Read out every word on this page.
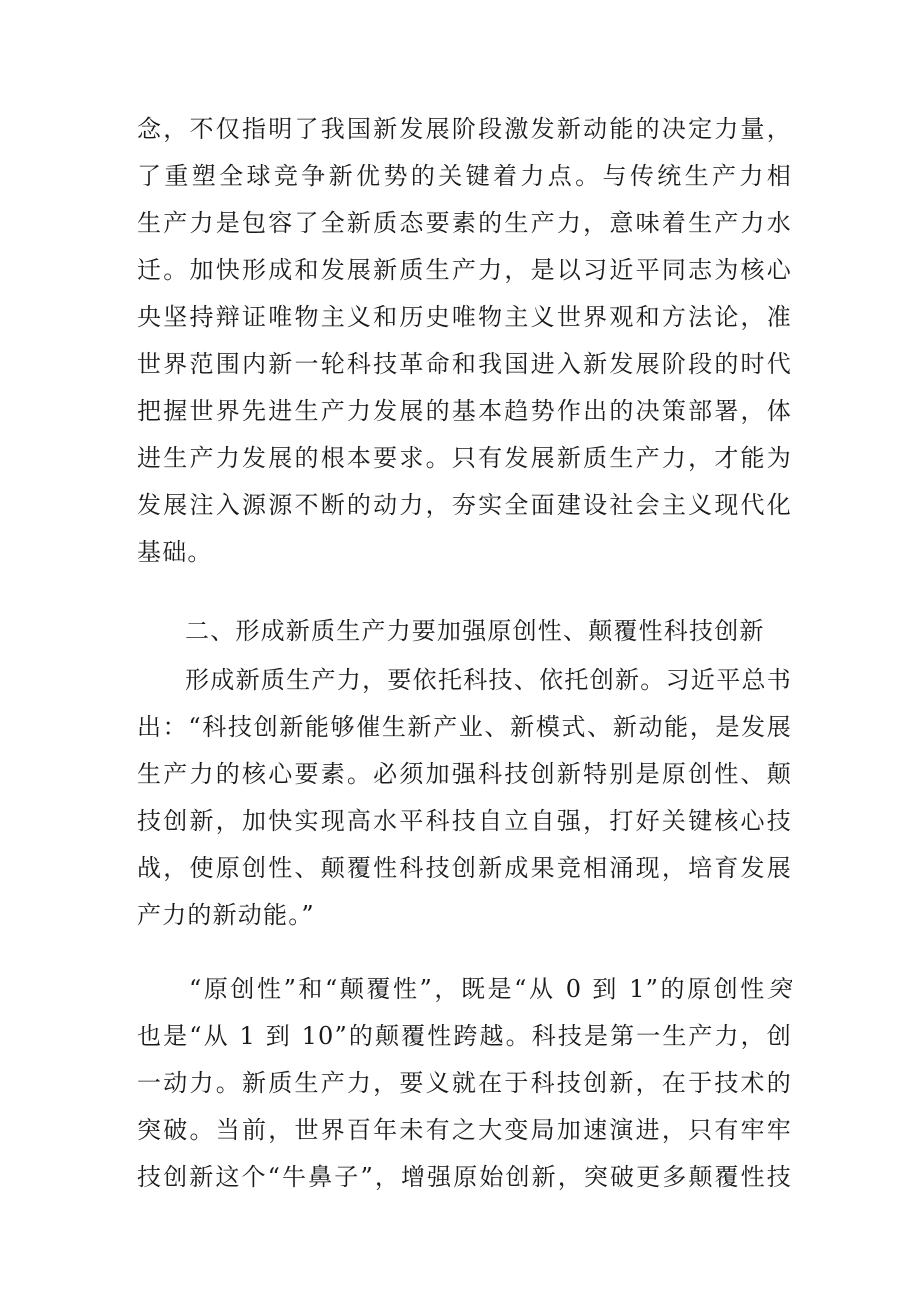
念，不仅指明了我国新发展阶段激发新动能的决定力量，
了重塑全球竞争新优势的关键着力点。与传统生产力相
生产力是包容了全新质态要素的生产力，意味着生产力水
迁。加快形成和发展新质生产力，是以习近平同志为核心
央坚持辩证唯物主义和历史唯物主义世界观和方法论，准
世界范围内新一轮科技革命和我国进入新发展阶段的时代
把握世界先进生产力发展的基本趋势作出的决策部署，体
进生产力发展的根本要求。只有发展新质生产力，才能为
发展注入源源不断的动力，夯实全面建设社会主义现代化
基础。
二、形成新质生产力要加强原创性、颠覆性科技创新
形成新质生产力，要依托科技、依托创新。习近平总书
出：“科技创新能够催生新产业、新模式、新动能，是发展
生产力的核心要素。必须加强科技创新特别是原创性、颠
技创新，加快实现高水平科技自立自强，打好关键核心技
战，使原创性、颠覆性科技创新成果竞相涌现，培育发展
产力的新动能。”
“原创性”和“颠覆性”，既是“从 0 到 1”的原创性突
也是“从 1 到 10”的颠覆性跨越。科技是第一生产力，创
一动力。新质生产力，要义就在于科技创新，在于技术的
突破。当前，世界百年未有之大变局加速演进，只有牢牢
技创新这个“牛鼻子”，增强原始创新，突破更多颠覆性技
